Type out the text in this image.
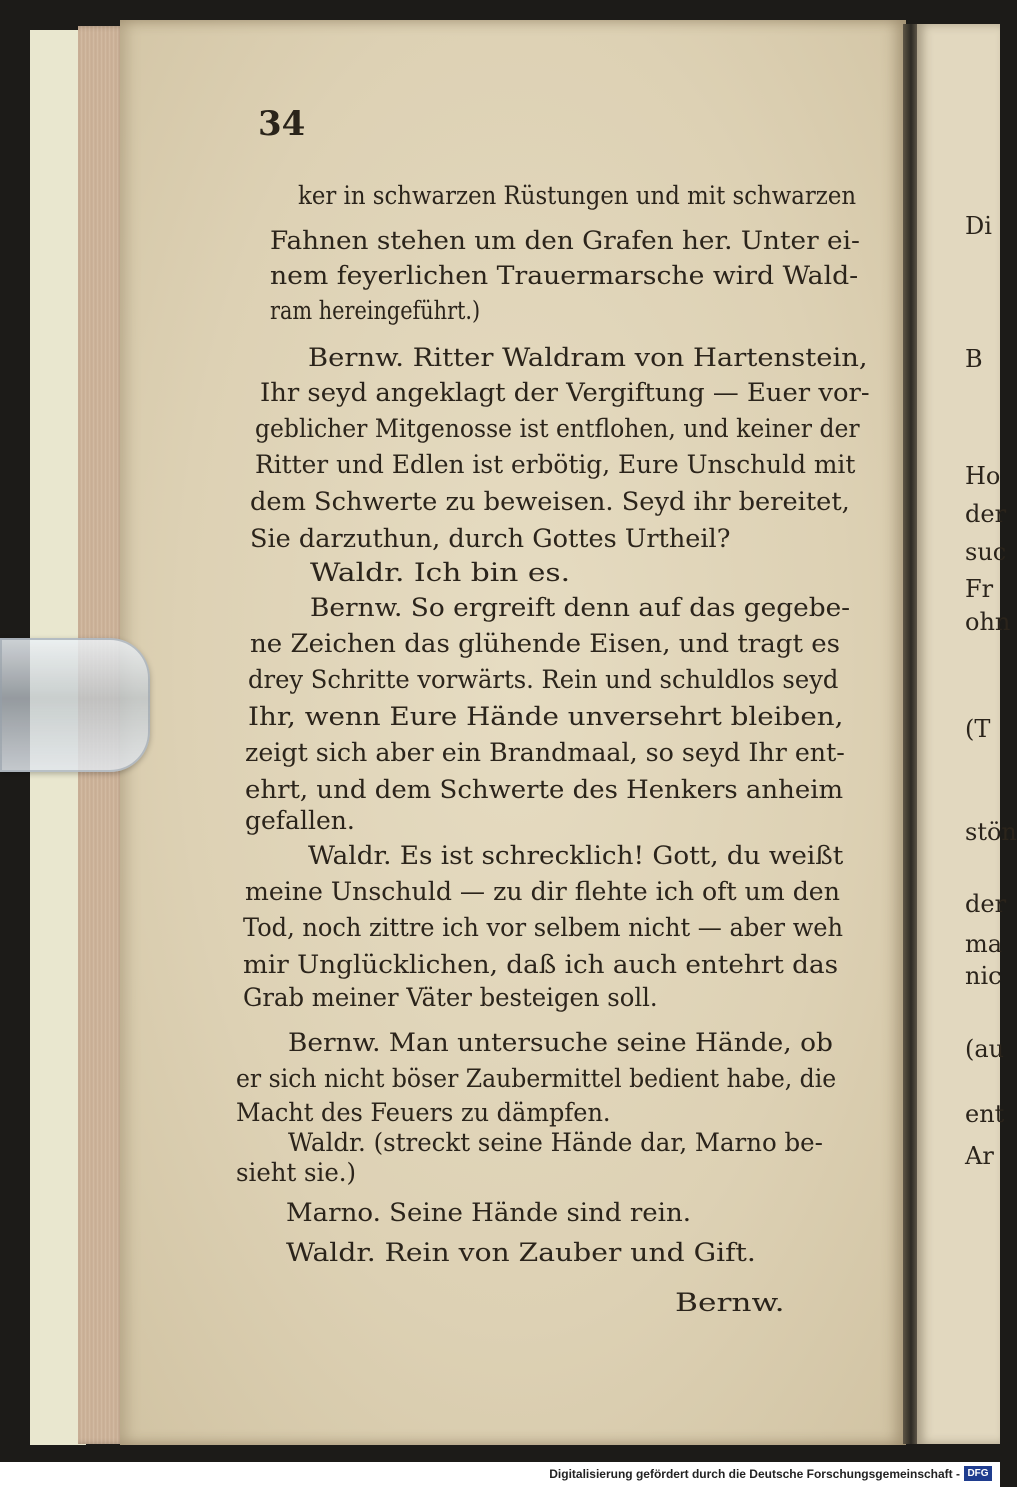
34
ker in schwarzen Rüstungen und mit schwarzen
Fahnen stehen um den Grafen her. Unter ei-
nem feyerlichen Trauermarsche wird Wald-
ram hereingeführt.)
Bernw. Ritter Waldram von Hartenstein,
Ihr seyd angeklagt der Vergiftung — Euer vor-
geblicher Mitgenosse ist entflohen, und keiner der
Ritter und Edlen ist erbötig, Eure Unschuld mit
dem Schwerte zu beweisen. Seyd ihr bereitet,
Sie darzuthun, durch Gottes Urtheil?
Waldr. Ich bin es.
Bernw. So ergreift denn auf das gegebe-
ne Zeichen das glühende Eisen, und tragt es
drey Schritte vorwärts. Rein und schuldlos seyd
Ihr, wenn Eure Hände unversehrt bleiben,
zeigt sich aber ein Brandmaal, so seyd Ihr ent-
ehrt, und dem Schwerte des Henkers anheim
gefallen.
Waldr. Es ist schrecklich! Gott, du weißt
meine Unschuld — zu dir flehte ich oft um den
Tod, noch zittre ich vor selbem nicht — aber weh
mir Unglücklichen, daß ich auch entehrt das
Grab meiner Väter besteigen soll.
Bernw. Man untersuche seine Hände, ob
er sich nicht böser Zaubermittel bedient habe, die
Macht des Feuers zu dämpfen.
Waldr. (streckt seine Hände dar, Marno be-
sieht sie.)
Marno. Seine Hände sind rein.
Waldr. Rein von Zauber und Gift.
Bernw.
Di
B
Ho
der
suc
Fr
ohn
(T
stön
der
ma
nic
(au
ent
Ar
Digitalisierung gefördert durch die Deutsche Forschungsgemeinschaft - DFG
